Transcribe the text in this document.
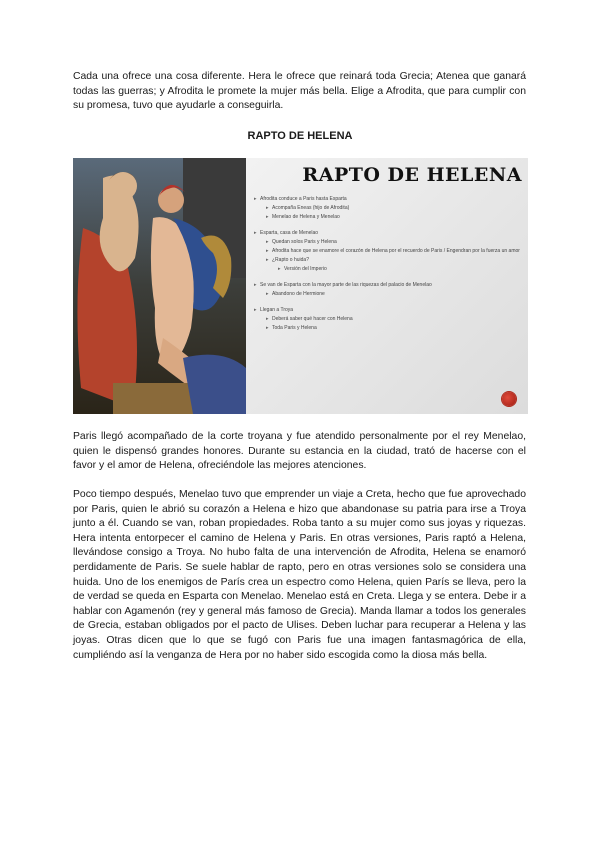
Cada una ofrece una cosa diferente. Hera le ofrece que reinará toda Grecia; Atenea que ganará todas las guerras; y Afrodita le promete la mujer más bella. Elige a Afrodita, que para cumplir con su promesa, tuvo que ayudarle a conseguirla.

RAPTO DE HELENA

RAPTO DE HELENA
▸ Afrodita conduce a Paris hasta Esparta
▸ Acompaña Eneas (hijo de Afrodita)
▸ Menelao de Helena y Menelao
▸ Esparta, casa de Menelao
▸ Quedan solos Paris y Helena
▸ Afrodita hace que se enamore el corazón de Helena por el recuerdo de Paris / Engendran por la fuerza un amor
▸ ¿Rapto o huida?
▸ Versión del Imperio
▸ Se van de Esparta con la mayor parte de las riquezas del palacio de Menelao
▸ Abandono de Hermione
▸ Llegan a Troya
▸ Deberá saber qué hacer con Helena
▸ Toda Paris y Helena

Paris llegó acompañado de la corte troyana y fue atendido personalmente por el rey Menelao, quien le dispensó grandes honores. Durante su estancia en la ciudad, trató de hacerse con el favor y el amor de Helena, ofreciéndole las mejores atenciones.

Poco tiempo después, Menelao tuvo que emprender un viaje a Creta, hecho que fue aprovechado por Paris, quien le abrió su corazón a Helena e hizo que abandonase su patria para irse a Troya junto a él. Cuando se van, roban propiedades. Roba tanto a su mujer como sus joyas y riquezas. Hera intenta entorpecer el camino de Helena y Paris. En otras versiones, Paris raptó a Helena, llevándose consigo a Troya. No hubo falta de una intervención de Afrodita, Helena se enamoró perdidamente de Paris. Se suele hablar de rapto, pero en otras versiones solo se considera una huida. Uno de los enemigos de París crea un espectro como Helena, quien París se lleva, pero la de verdad se queda en Esparta con Menelao. Menelao está en Creta. Llega y se entera. Debe ir a hablar con Agamenón (rey y general más famoso de Grecia). Manda llamar a todos los generales de Grecia, estaban obligados por el pacto de Ulises. Deben luchar para recuperar a Helena y las joyas. Otras dicen que lo que se fugó con Paris fue una imagen fantasmagórica de ella, cumpliéndo así la venganza de Hera por no haber sido escogida como la diosa más bella.
